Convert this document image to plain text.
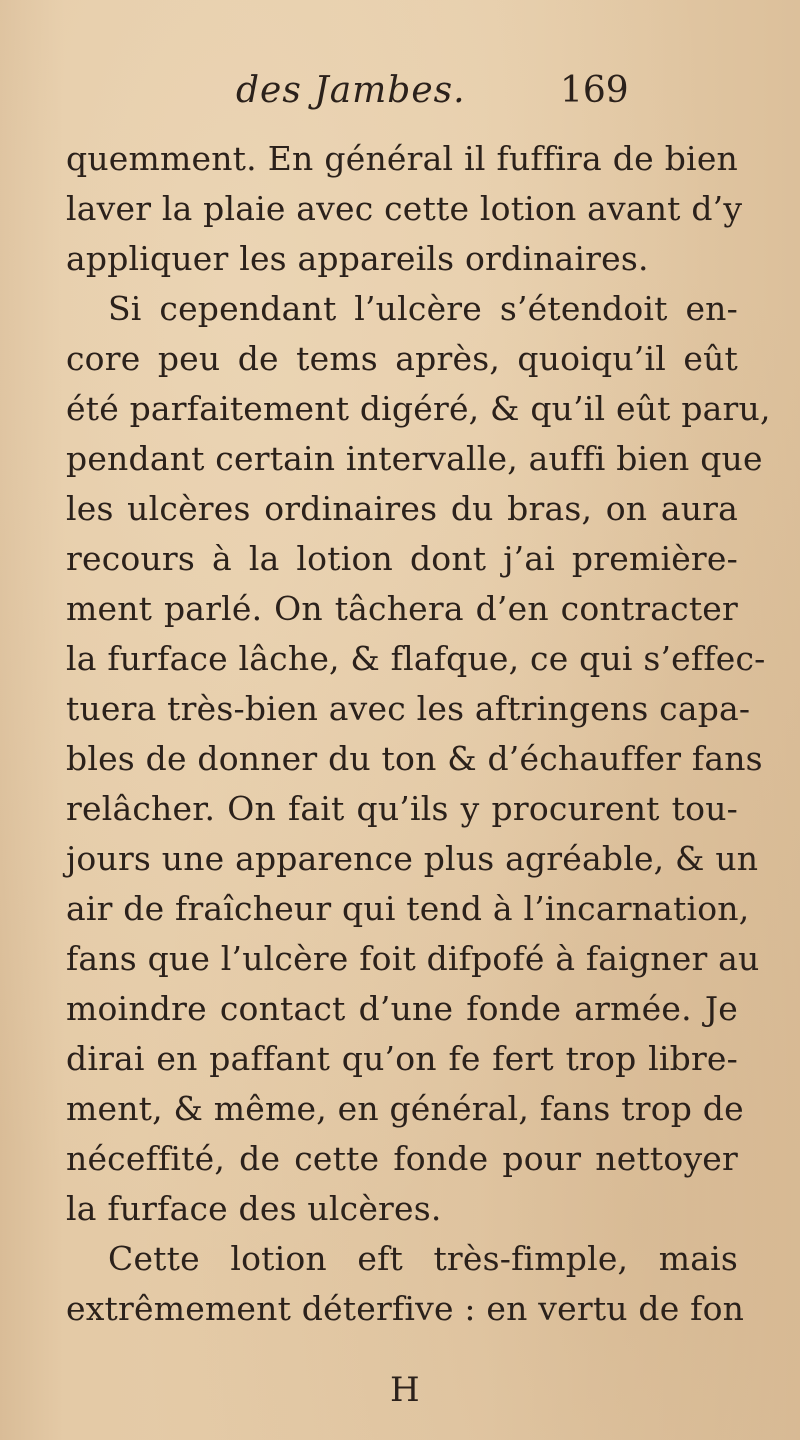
des Jambes.	169
quemment. En général il fuffira de bien
laver la plaie avec cette lotion avant d’y
appliquer les appareils ordinaires.
Si cependant l’ulcère s’étendoit en-
core peu de tems après, quoiqu’il eût
été parfaitement digéré, & qu’il eût paru,
pendant certain intervalle, auffi bien que
les ulcères ordinaires du bras, on aura
recours à la lotion dont j’ai première-
ment parlé. On tâchera d’en contracter
la furface lâche, & flafque, ce qui s’effec-
tuera très-bien avec les aftringens capa-
bles de donner du ton & d’échauffer fans
relâcher. On fait qu’ils y procurent tou-
jours une apparence plus agréable, & un
air de fraîcheur qui tend à l’incarnation,
fans que l’ulcère foit difpofé à faigner au
moindre contact d’une fonde armée. Je
dirai en paffant qu’on fe fert trop libre-
ment, & même, en général, fans trop de
néceffité, de cette fonde pour nettoyer
la furface des ulcères.
Cette lotion eft très-fimple, mais
extrêmement déterfive : en vertu de fon
H
